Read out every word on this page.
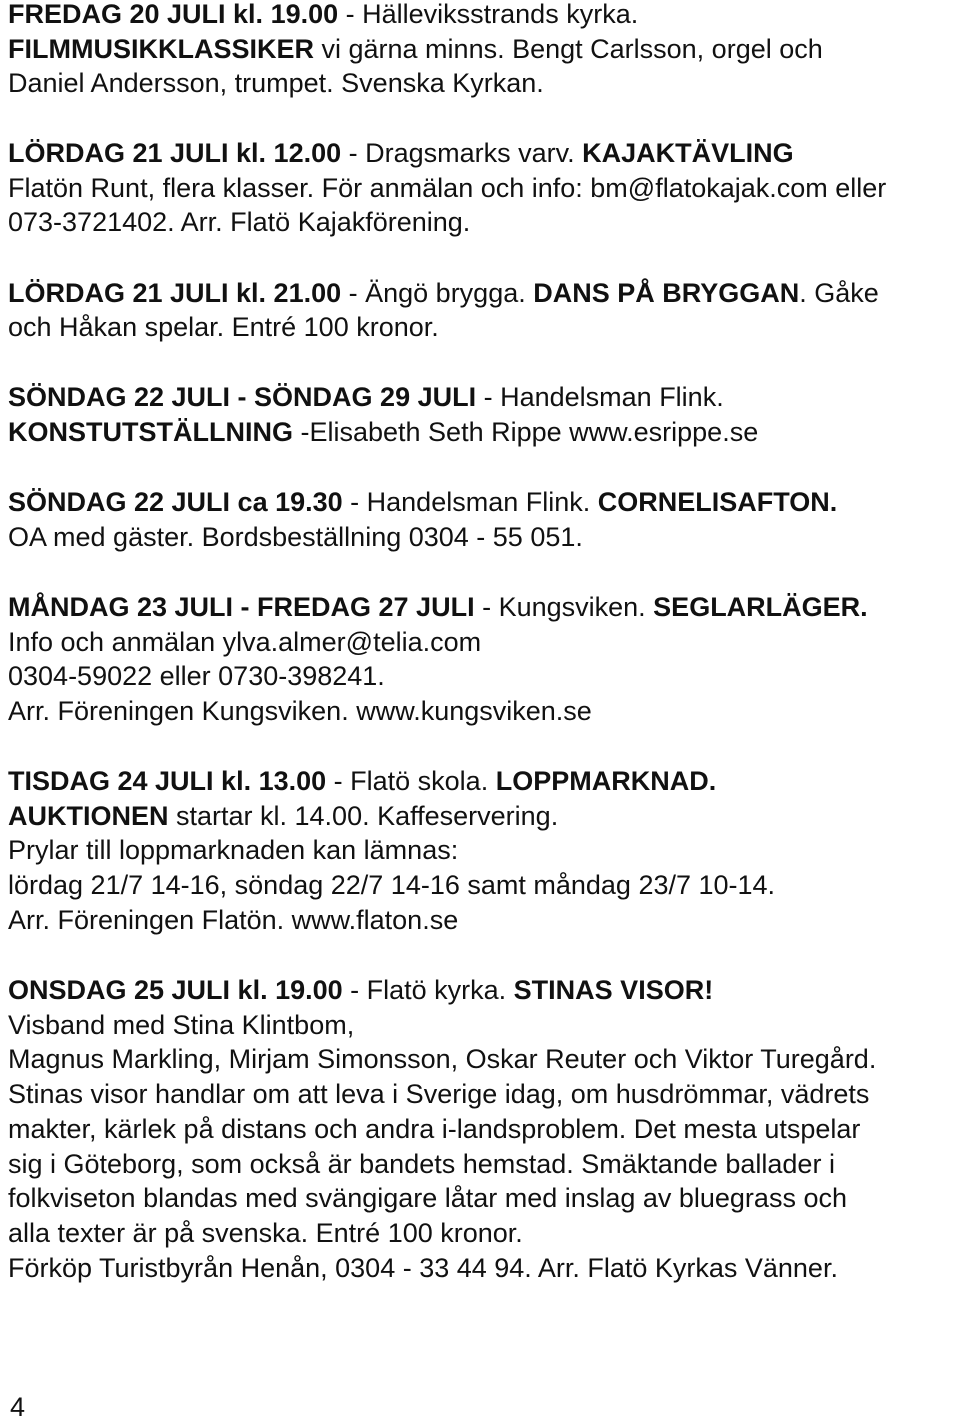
FREDAG 20 JULI kl. 19.00 - Hälleviksstrands kyrka.
FILMMUSIKKLASSIKER vi gärna minns. Bengt Carlsson, orgel och
Daniel Andersson, trumpet. Svenska Kyrkan.
LÖRDAG 21 JULI kl. 12.00 - Dragsmarks varv. KAJAKTÄVLING
Flatön Runt, flera klasser. För anmälan och info: bm@flatokajak.com eller
073-3721402. Arr. Flatö Kajakförening.
LÖRDAG 21 JULI kl. 21.00 - Ängö brygga. DANS PÅ BRYGGAN. Gåke
och Håkan spelar. Entré 100 kronor.
SÖNDAG 22 JULI - SÖNDAG 29 JULI - Handelsman Flink.
KONSTUTSTÄLLNING -Elisabeth Seth Rippe www.esrippe.se
SÖNDAG 22 JULI ca 19.30 - Handelsman Flink. CORNELISAFTON.
OA med gäster. Bordsbeställning 0304 - 55 051.
MÅNDAG 23 JULI - FREDAG 27 JULI - Kungsviken. SEGLARLÄGER.
Info och anmälan ylva.almer@telia.com
0304-59022 eller 0730-398241.
Arr. Föreningen Kungsviken. www.kungsviken.se
TISDAG 24 JULI kl. 13.00 - Flatö skola. LOPPMARKNAD.
AUKTIONEN startar kl. 14.00. Kaffeservering.
Prylar till loppmarknaden kan lämnas:
lördag 21/7 14-16, söndag 22/7 14-16 samt måndag 23/7 10-14.
Arr. Föreningen Flatön. www.flaton.se
ONSDAG 25 JULI kl. 19.00 - Flatö kyrka. STINAS VISOR!
Visband med Stina Klintbom,
Magnus Markling, Mirjam Simonsson, Oskar Reuter och Viktor Turegård.
Stinas visor handlar om att leva i Sverige idag, om husdrömmar, vädrets
makter, kärlek på distans och andra i-landsproblem. Det mesta utspelar
sig i Göteborg, som också är bandets hemstad. Smäktande ballader i
folkviseton blandas med svängigare låtar med inslag av bluegrass och
alla texter är på svenska. Entré 100 kronor.
Förköp Turistbyrån Henån, 0304 - 33 44 94. Arr. Flatö Kyrkas Vänner.
4
